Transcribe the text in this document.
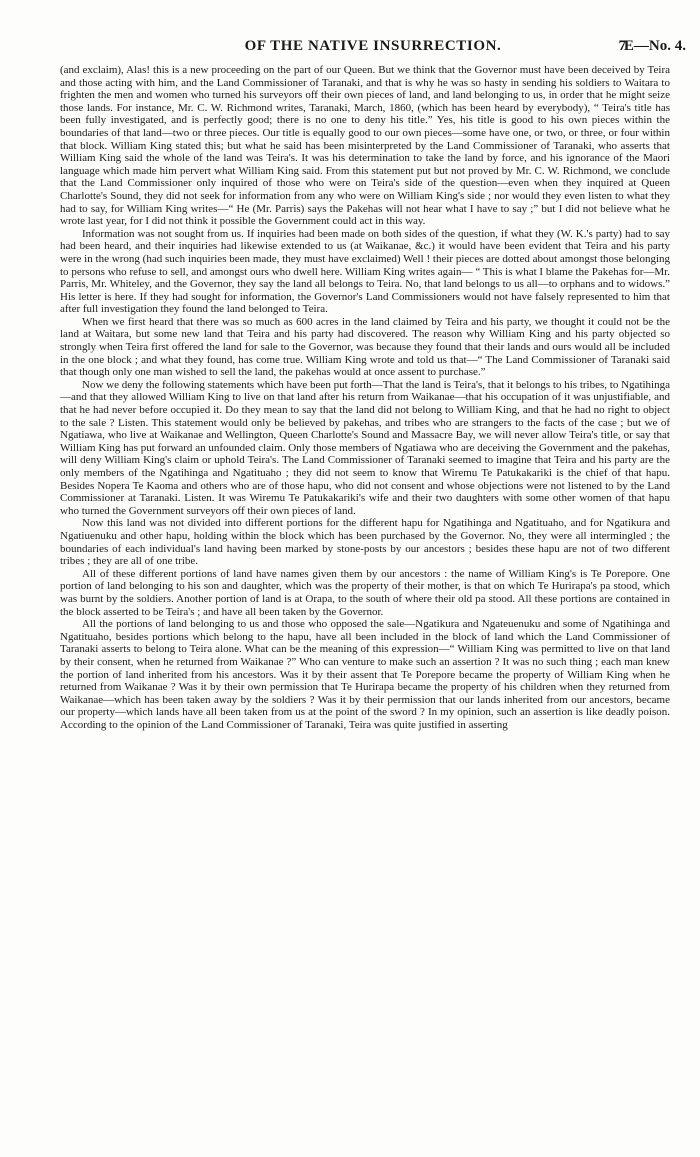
OF THE NATIVE INSURRECTION.	7
E—No. 4.

(and exclaim), Alas! this is a new proceeding on the part of our Queen. But we think that the Governor must have been deceived by Teira and those acting with him, and the Land Commissioner of Taranaki, and that is why he was so hasty in sending his soldiers to Waitara to frighten the men and women who turned his surveyors off their own pieces of land, and land belonging to us, in order that he might seize those lands. For instance, Mr. C. W. Richmond writes, Taranaki, March, 1860, (which has been heard by everybody), “ Teira's title has been fully investigated, and is perfectly good; there is no one to deny his title.” Yes, his title is good to his own pieces within the boundaries of that land—two or three pieces. Our title is equally good to our own pieces—some have one, or two, or three, or four within that block. William King stated this; but what he said has been misinterpreted by the Land Commissioner of Taranaki, who asserts that William King said the whole of the land was Teira's. It was his determination to take the land by force, and his ignorance of the Maori language which made him pervert what William King said. From this statement put but not proved by Mr. C. W. Richmond, we conclude that the Land Commissioner only inquired of those who were on Teira's side of the question—even when they inquired at Queen Charlotte's Sound, they did not seek for information from any who were on William King's side ; nor would they even listen to what they had to say, for William King writes—“ He (Mr. Parris) says the Pakehas will not hear what I have to say ;” but I did not believe what he wrote last year, for I did not think it possible the Government could act in this way.

Information was not sought from us. If inquiries had been made on both sides of the question, if what they (W. K.'s party) had to say had been heard, and their inquiries had likewise extended to us (at Waikanae, &c.) it would have been evident that Teira and his party were in the wrong (had such inquiries been made, they must have exclaimed) Well ! their pieces are dotted about amongst those belonging to persons who refuse to sell, and amongst ours who dwell here. William King writes again— “ This is what I blame the Pakehas for—Mr. Parris, Mr. Whiteley, and the Governor, they say the land all belongs to Teira. No, that land belongs to us all—to orphans and to widows.” His letter is here. If they had sought for information, the Governor's Land Commissioners would not have falsely represented to him that after full investigation they found the land belonged to Teira.

When we first heard that there was so much as 600 acres in the land claimed by Teira and his party, we thought it could not be the land at Waitara, but some new land that Teira and his party had discovered. The reason why William King and his party objected so strongly when Teira first offered the land for sale to the Governor, was because they found that their lands and ours would all be included in the one block ; and what they found, has come true. William King wrote and told us that—“ The Land Commissioner of Taranaki said that though only one man wished to sell the land, the pakehas would at once assent to purchase.”

Now we deny the following statements which have been put forth—That the land is Teira's, that it belongs to his tribes, to Ngatihinga—and that they allowed William King to live on that land after his return from Waikanae—that his occupation of it was unjustifiable, and that he had never before occupied it. Do they mean to say that the land did not belong to William King, and that he had no right to object to the sale ? Listen. This statement would only be believed by pakehas, and tribes who are strangers to the facts of the case ; but we of Ngatiawa, who live at Waikanae and Wellington, Queen Charlotte's Sound and Massacre Bay, we will never allow Teira's title, or say that William King has put forward an unfounded claim. Only those members of Ngatiawa who are deceiving the Government and the pakehas, will deny William King's claim or uphold Teira's. The Land Commissioner of Taranaki seemed to imagine that Teira and his party are the only members of the Ngatihinga and Ngatituaho ; they did not seem to know that Wiremu Te Patukakariki is the chief of that hapu. Besides Nopera Te Kaoma and others who are of those hapu, who did not consent and whose objections were not listened to by the Land Commissioner at Taranaki. Listen. It was Wiremu Te Patukakariki's wife and their two daughters with some other women of that hapu who turned the Government surveyors off their own pieces of land.

Now this land was not divided into different portions for the different hapu for Ngatihinga and Ngatituaho, and for Ngatikura and Ngatiuenuku and other hapu, holding within the block which has been purchased by the Governor. No, they were all intermingled ; the boundaries of each individual's land having been marked by stone-posts by our ancestors ; besides these hapu are not of two different tribes ; they are all of one tribe.

All of these different portions of land have names given them by our ancestors : the name of William King's is Te Porepore. One portion of land belonging to his son and daughter, which was the property of their mother, is that on which Te Hurirapa's pa stood, which was burnt by the soldiers. Another portion of land is at Orapa, to the south of where their old pa stood. All these portions are contained in the block asserted to be Teira's ; and have all been taken by the Governor.

All the portions of land belonging to us and those who opposed the sale—Ngatikura and Ngateuenuku and some of Ngatihinga and Ngatituaho, besides portions which belong to the hapu, have all been included in the block of land which the Land Commissioner of Taranaki asserts to belong to Teira alone. What can be the meaning of this expression—“ William King was permitted to live on that land by their consent, when he returned from Waikanae ?” Who can venture to make such an assertion ? It was no such thing ; each man knew the portion of land inherited from his ancestors. Was it by their assent that Te Porepore became the property of William King when he returned from Waikanae ? Was it by their own permission that Te Hurirapa became the property of his children when they returned from Waikanae—which has been taken away by the soldiers ? Was it by their permission that our lands inherited from our ancestors, became our property—which lands have all been taken from us at the point of the sword ? In my opinion, such an assertion is like deadly poison. According to the opinion of the Land Commissioner of Taranaki, Teira was quite justified in asserting
